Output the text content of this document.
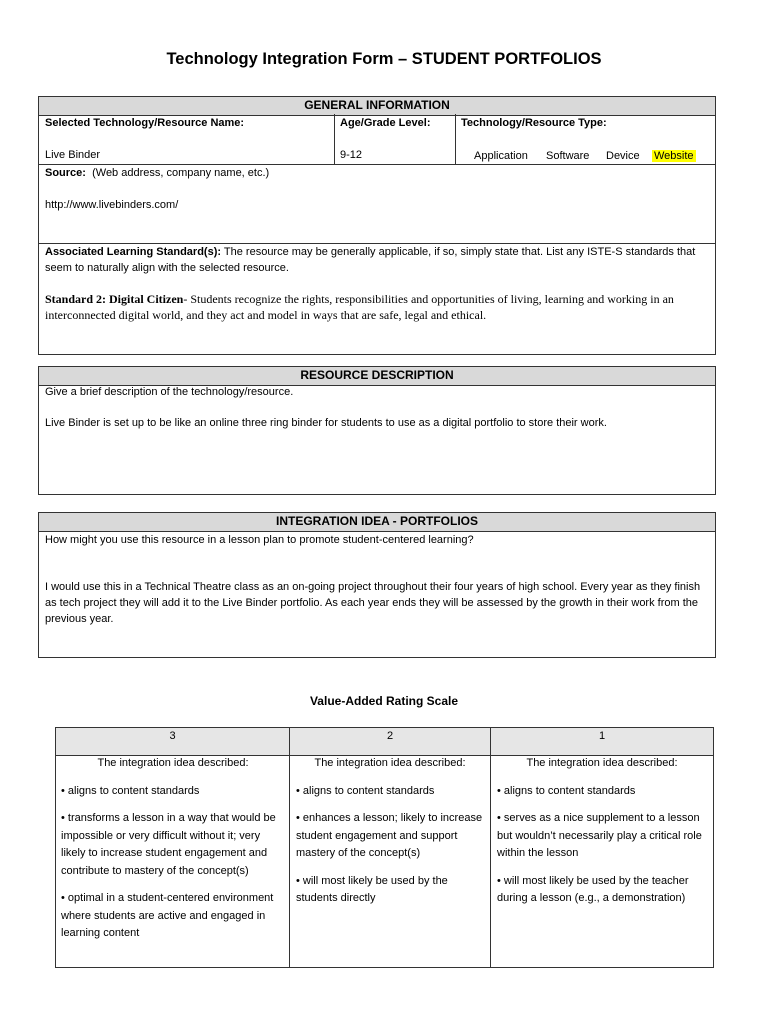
Technology Integration Form – STUDENT PORTFOLIOS
GENERAL INFORMATION
Selected Technology/Resource Name:
Live Binder
Age/Grade Level:
9-12
Technology/Resource Type:
Application Software Device Website
Source: (Web address, company name, etc.)
http://www.livebinders.com/
Associated Learning Standard(s): The resource may be generally applicable, if so, simply state that. List any ISTE-S standards that seem to naturally align with the selected resource.
Standard 2: Digital Citizen- Students recognize the rights, responsibilities and opportunities of living, learning and working in an interconnected digital world, and they act and model in ways that are safe, legal and ethical.
RESOURCE DESCRIPTION
Give a brief description of the technology/resource.
Live Binder is set up to be like an online three ring binder for students to use as a digital portfolio to store their work.
INTEGRATION IDEA - PORTFOLIOS
How might you use this resource in a lesson plan to promote student-centered learning?
I would use this in a Technical Theatre class as an on-going project throughout their four years of high school. Every year as they finish as tech project they will add it to the Live Binder portfolio. As each year ends they will be assessed by the growth in their work from the previous year.
Value-Added Rating Scale
3	2	1

The integration idea described:

• aligns to content standards

• transforms a lesson in a way that would be impossible or very difficult without it; very likely to increase student engagement and contribute to mastery of the concept(s)

• optimal in a student-centered environment where students are active and engaged in learning content

The integration idea described:

• aligns to content standards

• enhances a lesson; likely to increase student engagement and support mastery of the concept(s)

• will most likely be used by the students directly

The integration idea described:

• aligns to content standards

• serves as a nice supplement to a lesson but wouldn’t necessarily play a critical role within the lesson

• will most likely be used by the teacher during a lesson (e.g., a demonstration)
